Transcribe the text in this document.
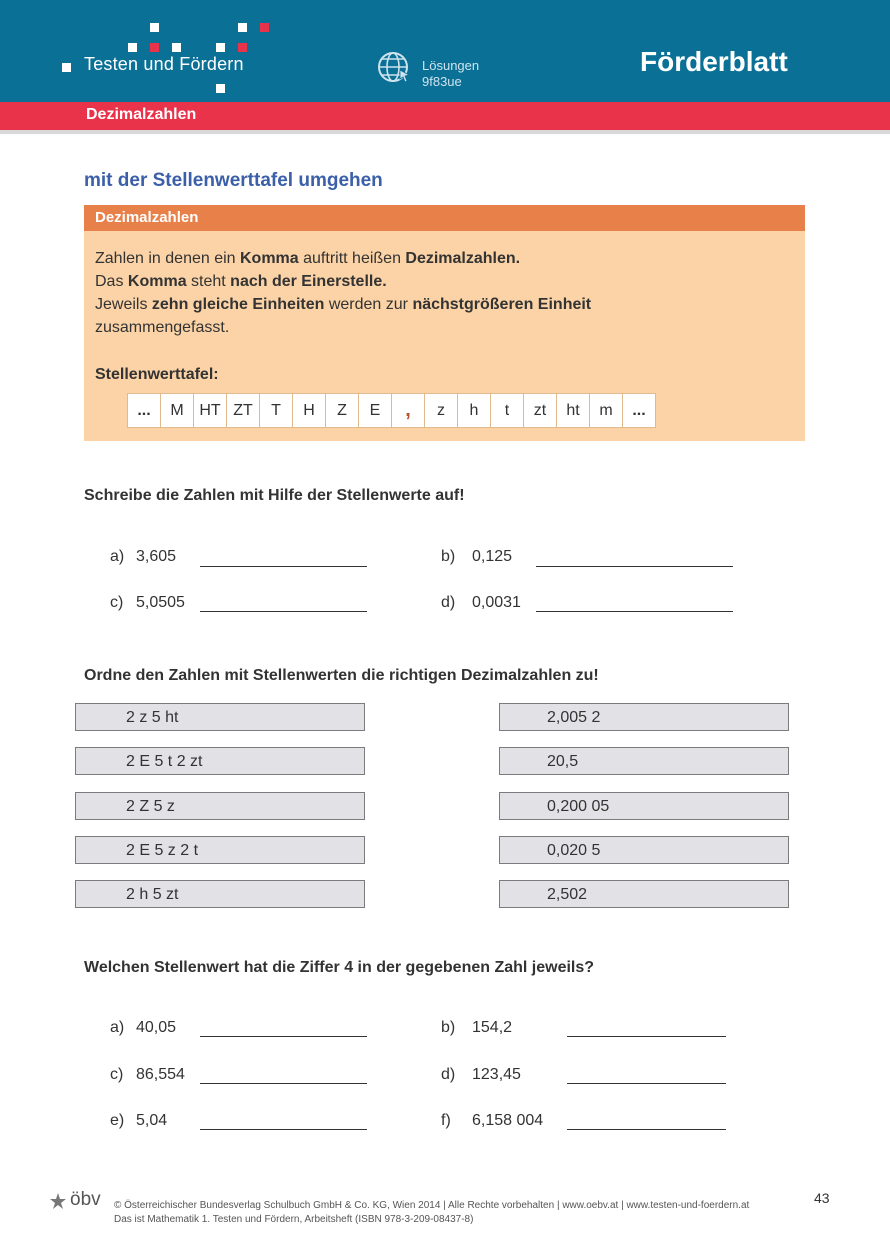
Testen und Fördern	Lösungen
9f83ue
Förderblatt
Dezimalzahlen
mit der Stellenwerttafel umgehen
Dezimalzahlen
Zahlen in denen ein Komma auftritt heißen Dezimalzahlen.
Das Komma steht nach der Einerstelle.
Jeweils zehn gleiche Einheiten werden zur nächstgrößeren Einheit
zusammengefasst.
Stellenwerttafel:
...	M	HT	ZT	T	H	Z	E	,	z	h	t	zt	ht	m	...
Schreibe die Zahlen mit Hilfe der Stellenwerte auf!
a) 3,605	b) 0,125
c) 5,0505	d) 0,0031
Ordne den Zahlen mit Stellenwerten die richtigen Dezimalzahlen zu!
2 z 5 ht
2 E 5 t 2 zt
2 Z 5 z
2 E 5 z 2 t
2 h 5 zt
2,005 2
20,5
0,200 05
0,020 5
2,502
Welchen Stellenwert hat die Ziffer 4 in der gegebenen Zahl jeweils?
a) 40,05	b) 154,2
c) 86,554	d) 123,45
e) 5,04	f) 6,158 004
öbv © Österreichischer Bundesverlag Schulbuch GmbH & Co. KG, Wien 2014 | Alle Rechte vorbehalten | www.oebv.at | www.testen-und-foerdern.at
Das ist Mathematik 1. Testen und Fördern, Arbeitsheft (ISBN 978-3-209-08437-8)
43
